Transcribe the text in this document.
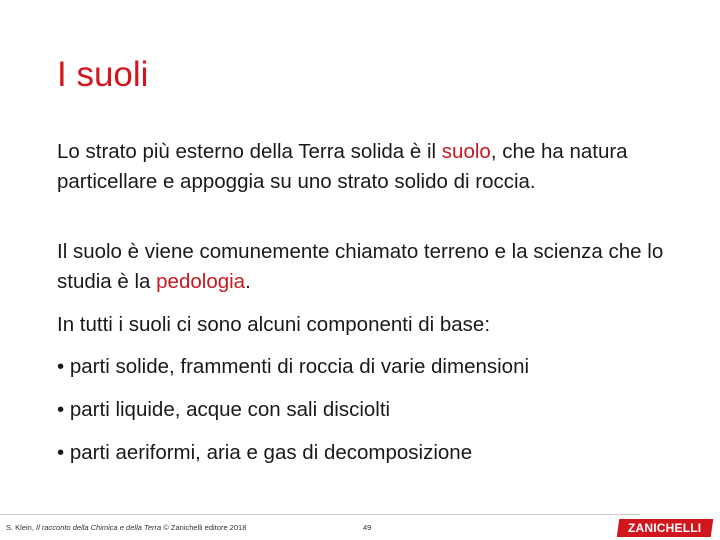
I suoli

Lo strato più esterno della Terra solida è il suolo, che ha natura particellare e appoggia su uno strato solido di roccia.

Il suolo è viene comunemente chiamato terreno e la scienza che lo studia è la pedologia.

In tutti i suoli ci sono alcuni componenti di base:

• parti solide, frammenti di roccia di varie dimensioni

• parti liquide, acque con sali disciolti

• parti aeriformi, aria e gas di decomposizione

S. Klein, Il racconto della Chimica e della Terra © Zanichelli editore 2018	49	ZANICHELLI
